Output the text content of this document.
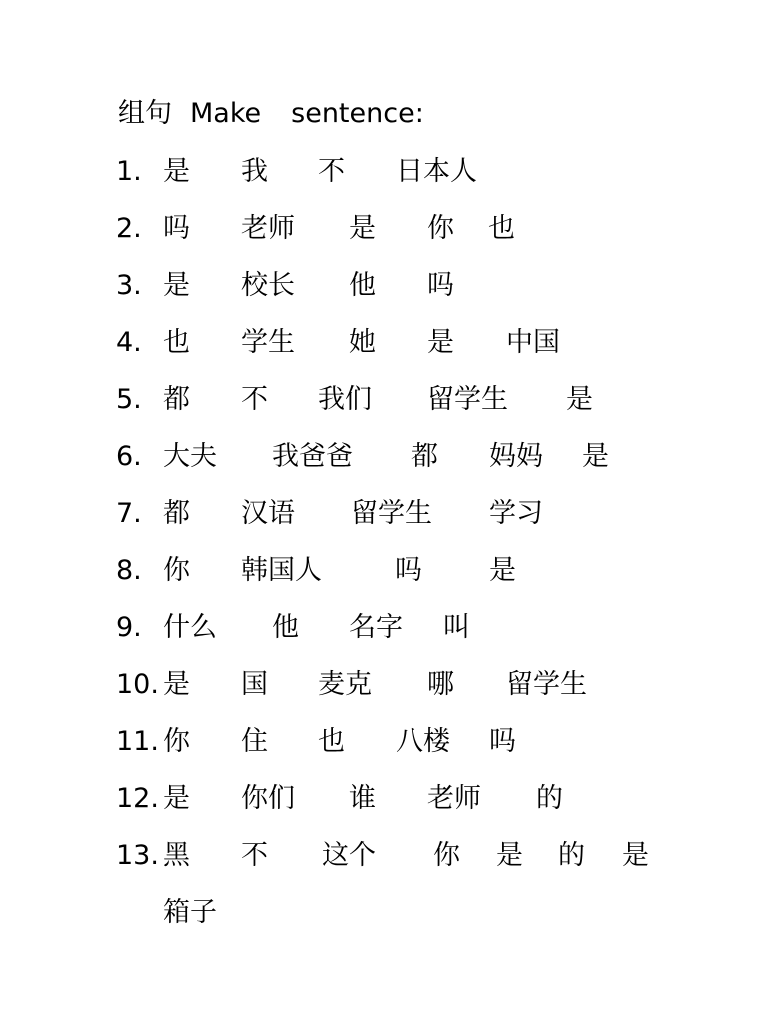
组句 Make sentence:
1. 是 我 不 日本人
2. 吗 老师 是 你 也
3. 是 校长 他 吗
4. 也 学生 她 是 中国
5. 都 不 我们 留学生 是
6. 大夫 我爸爸 都 妈妈 是
7. 都 汉语 留学生 学习
8. 你 韩国人	吗 是
9. 什么 他 名字 叫
10. 是 国 麦克 哪 留学生
11. 你 住 也 八楼 吗
12. 是 你们 谁 老师 的
13. 黑 不 这个 你 是 的 是
箱子
